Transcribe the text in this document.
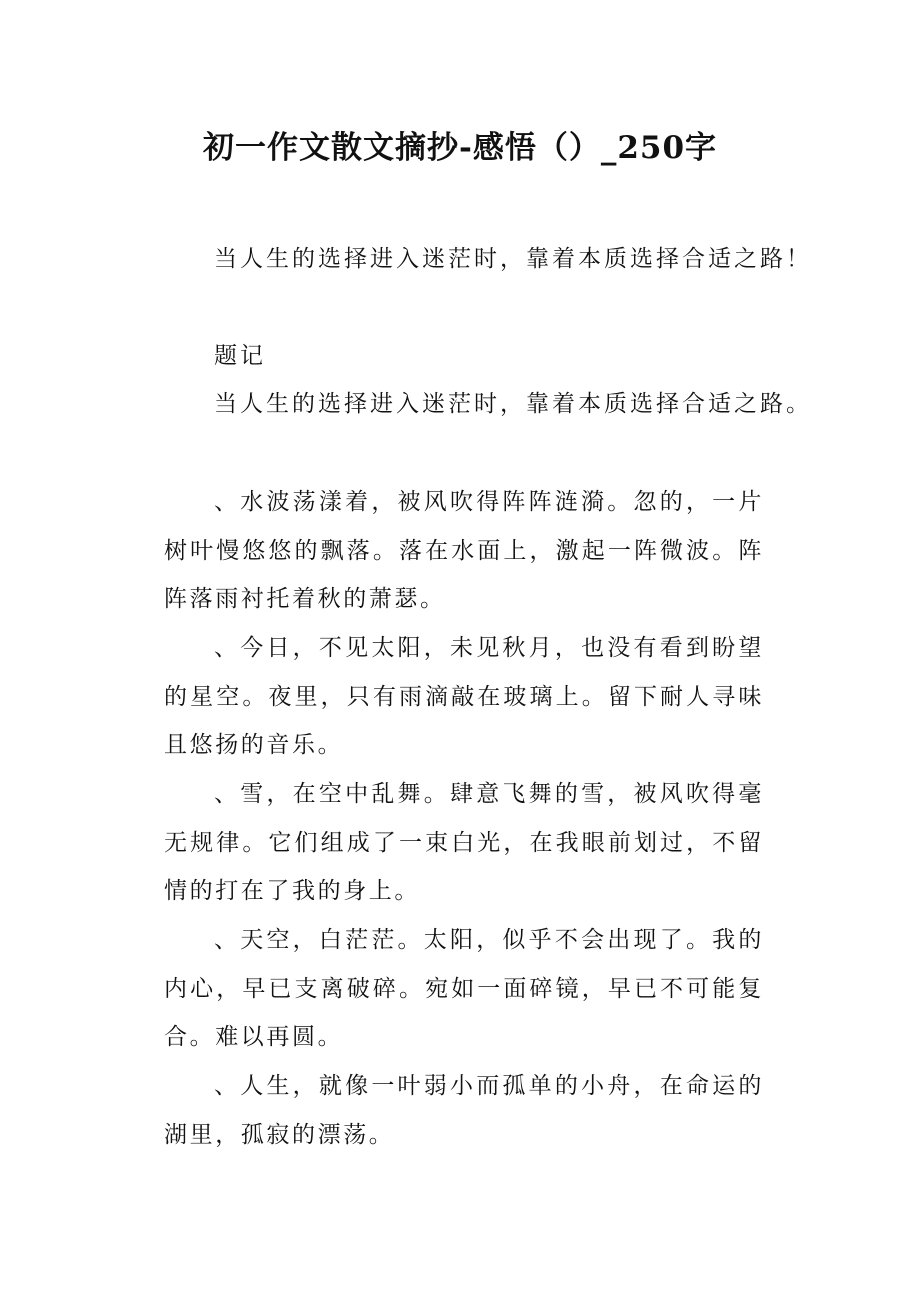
初一作文散文摘抄-感悟（）_250字
当人生的选择进入迷茫时，靠着本质选择合适之路！
题记
当人生的选择进入迷茫时，靠着本质选择合适之路。
、水波荡漾着，被风吹得阵阵涟漪。忽的，一片树叶慢悠悠的飘落。落在水面上，激起一阵微波。阵阵落雨衬托着秋的萧瑟。
、今日，不见太阳，未见秋月，也没有看到盼望的星空。夜里，只有雨滴敲在玻璃上。留下耐人寻味且悠扬的音乐。
、雪，在空中乱舞。肆意飞舞的雪，被风吹得毫无规律。它们组成了一束白光，在我眼前划过，不留情的打在了我的身上。
、天空，白茫茫。太阳，似乎不会出现了。我的内心，早已支离破碎。宛如一面碎镜，早已不可能复合。难以再圆。
、人生，就像一叶弱小而孤单的小舟，在命运的湖里，孤寂的漂荡。
